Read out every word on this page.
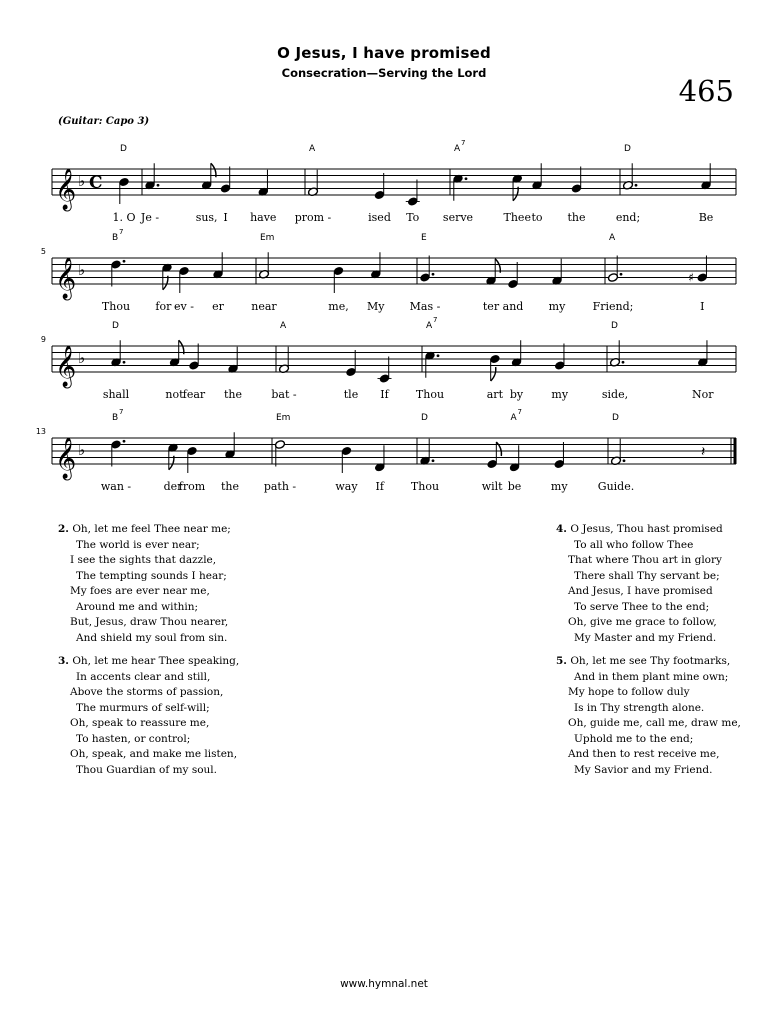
O Jesus, I have promised
Consecration—Serving the Lord
465
(Guitar: Capo 3)
𝄞 ♭ C
1. O Je -	sus, I have prom -	ised To serve	Thee to the	end;	Be
D	A	A
7
D
𝄞 ♭
5
Thou for -
ev - er near	me, My Mas -	ter and my Friend;
♯
I
B
7
Em	E	A
𝄞 ♭
9
shall	not fear the	bat -	tle If Thou	art by	my	side,	Nor
D	A	A
7
D
𝄞 ♭
13
wan -	der
from the path -	way If Thou	wilt be	my	Guide.
𝄽
B
7
Em	D	A
7
D
2. Oh, let me feel Thee near me;
The world is ever near;
I see the sights that dazzle,
The tempting sounds I hear;
My foes are ever near me,
Around me and within;
But, Jesus, draw Thou nearer,
And shield my soul from sin.
3. Oh, let me hear Thee speaking,
In accents clear and still,
Above the storms of passion,
The murmurs of self-will;
Oh, speak to reassure me,
To hasten, or control;
Oh, speak, and make me listen,
Thou Guardian of my soul.
4. O Jesus, Thou hast promised
To all who follow Thee
That where Thou art in glory
There shall Thy servant be;
And Jesus, I have promised
To serve Thee to the end;
Oh, give me grace to follow,
My Master and my Friend.
5. Oh, let me see Thy footmarks,
And in them plant mine own;
My hope to follow duly
Is in Thy strength alone.
Oh, guide me, call me, draw me,
Uphold me to the end;
And then to rest receive me,
My Savior and my Friend.
www.hymnal.net
